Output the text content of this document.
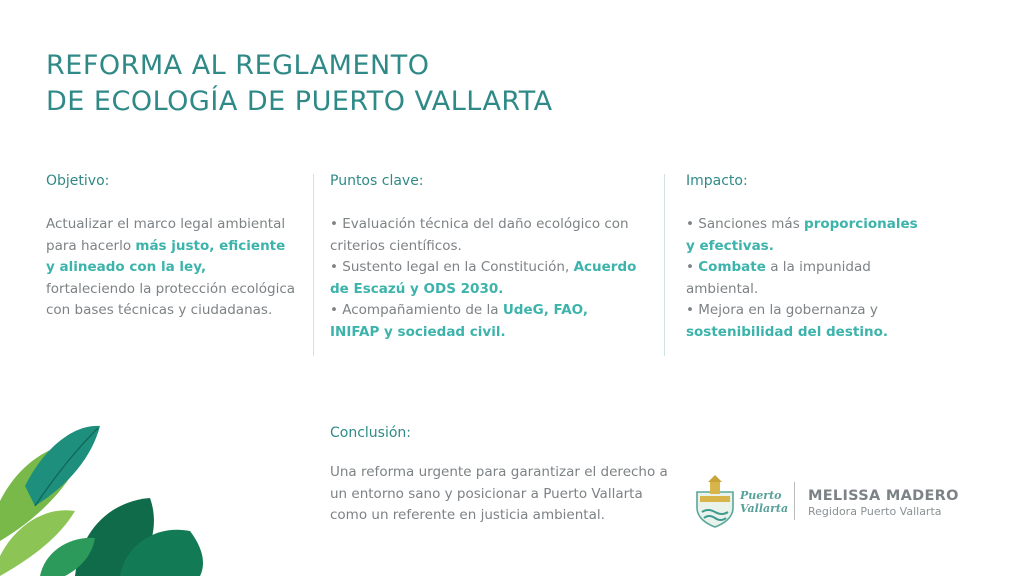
REFORMA AL REGLAMENTO
DE ECOLOGÍA DE PUERTO VALLARTA
Objetivo:
Actualizar el marco legal ambiental para hacerlo más justo, eficiente y alineado con la ley, fortaleciendo la protección ecológica con bases técnicas y ciudadanas.
Puntos clave:
• Evaluación técnica del daño ecológico con criterios científicos.
• Sustento legal en la Constitución, Acuerdo de Escazú y ODS 2030.
• Acompañamiento de la UdeG, FAO, INIFAP y sociedad civil.
Impacto:
• Sanciones más proporcionales y efectivas.
• Combate a la impunidad ambiental.
• Mejora en la gobernanza y sostenibilidad del destino.
Conclusión:
Una reforma urgente para garantizar el derecho a un entorno sano y posicionar a Puerto Vallarta como un referente en justicia ambiental.
Puerto
Vallarta
MELISSA MADERO
Regidora Puerto Vallarta
